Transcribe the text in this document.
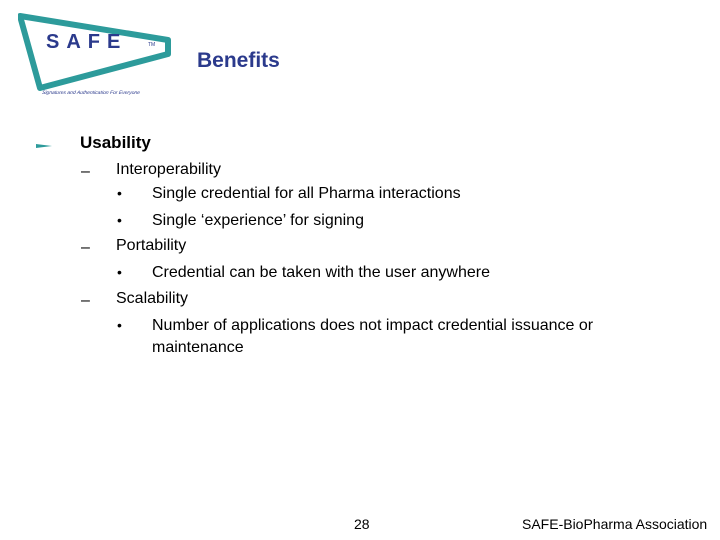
SAFE	TM
Signatures and Authentication For Everyone
Benefits
Usability
– Interoperability
• Single credential for all Pharma interactions
• Single ‘experience’ for signing
– Portability
• Credential can be taken with the user anywhere
– Scalability
• Number of applications does not impact credential issuance or
maintenance
28	SAFE-BioPharma Association
